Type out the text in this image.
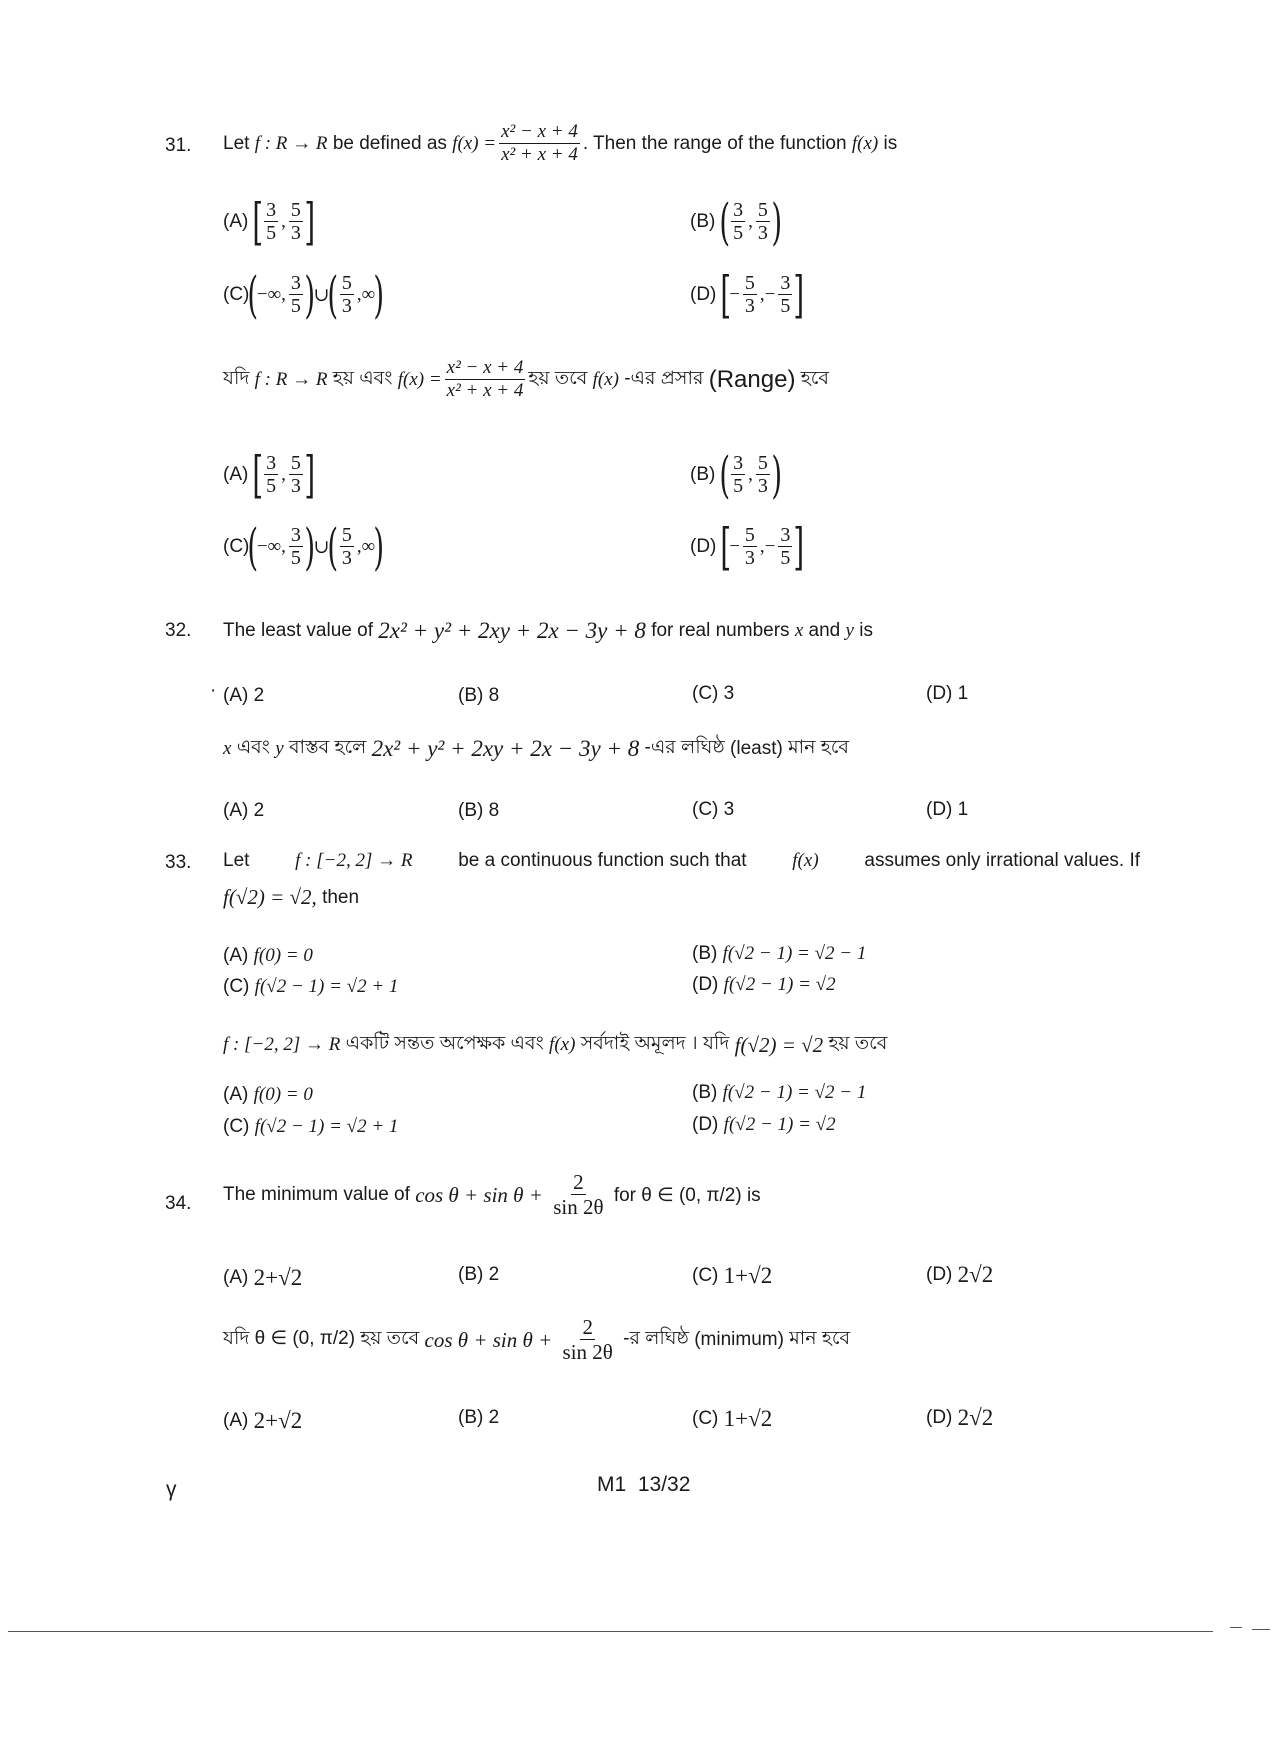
31. Let
f : R → R
be defined as
$f(x) = \frac{\text{x² − x + 4}}{\text{x² + x + 4}}$ . Then the range of the function
f(x)
is
(A)
[ $\frac{3}{5}$ , $\frac{5}{3}$ ]	(B)
( $\frac{3}{5}$ , $\frac{5}{3}$ )
(C)
(
−∞, $\frac{3}{5}$ )
∪
( $\frac{5}{3}$ ,∞
)	(D)
[
− $\frac{5}{3}$ , − $\frac{3}{5}$ ]
যদি
f : R → R
হয় এবং
$f(x) = \frac{\text{x² − x + 4}}{\text{x² + x + 4}}$ হয় তবে
f(x)
-এর প্রসার
(Range)
হবে
(A)
[ $\frac{3}{5}$ , $\frac{5}{3}$ ]	(B)
( $\frac{3}{5}$ , $\frac{5}{3}$ )
(C)
(
−∞, $\frac{3}{5}$ )
∪
( $\frac{5}{3}$ ,∞
)	(D)
[
− $\frac{5}{3}$ , − $\frac{3}{5}$ ]
32. The least value of
2x² + y² + 2xy + 2x − 3y + 8
for real numbers
x
and
y
is
· (A) 2	(B) 8	(C) 3	(D) 1
x
এবং
y
বাস্তব হলে
2x² + y² + 2xy + 2x − 3y + 8
-এর লঘিষ্ঠ
(least)
মান হবে
(A) 2	(B) 8	(C) 3	(D) 1
33. Let f : [−2, 2] → R be a continuous function such that f(x) assumes only irrational values. If
f(√2) = √2,
then
(A)
f(0) = 0	(B)
f(√2 − 1) = √2 − 1
(C)
f(√2 − 1) = √2 + 1	(D)
f(√2 − 1) = √2
f : [−2, 2] → R
একটি সন্তত অপেক্ষক এবং
f(x)
সর্বদাই অমূলদ । যদি
f(√2) = √2
হয় তবে
(A)
f(0) = 0	(B)
f(√2 − 1) = √2 − 1
(C)
f(√2 − 1) = √2 + 1	(D)
f(√2 − 1) = √2
34. The minimum value of
cos θ + sin θ +
$\frac{2}{\sin 2\theta}$
for θ ∈ (0, π/2) is
(A)
2+√2	(B)
2	(C)
1+√2	(D)
2√2
যদি θ ∈ (0, π/2) হয় তবে
cos θ + sin θ +
$\frac{2}{\sin 2\theta}$
-র লঘিষ্ঠ
(minimum)
মান হবে
(A)
2+√2	(B)
2	(C)
1+√2	(D)
2√2
γ	M1 13/32
